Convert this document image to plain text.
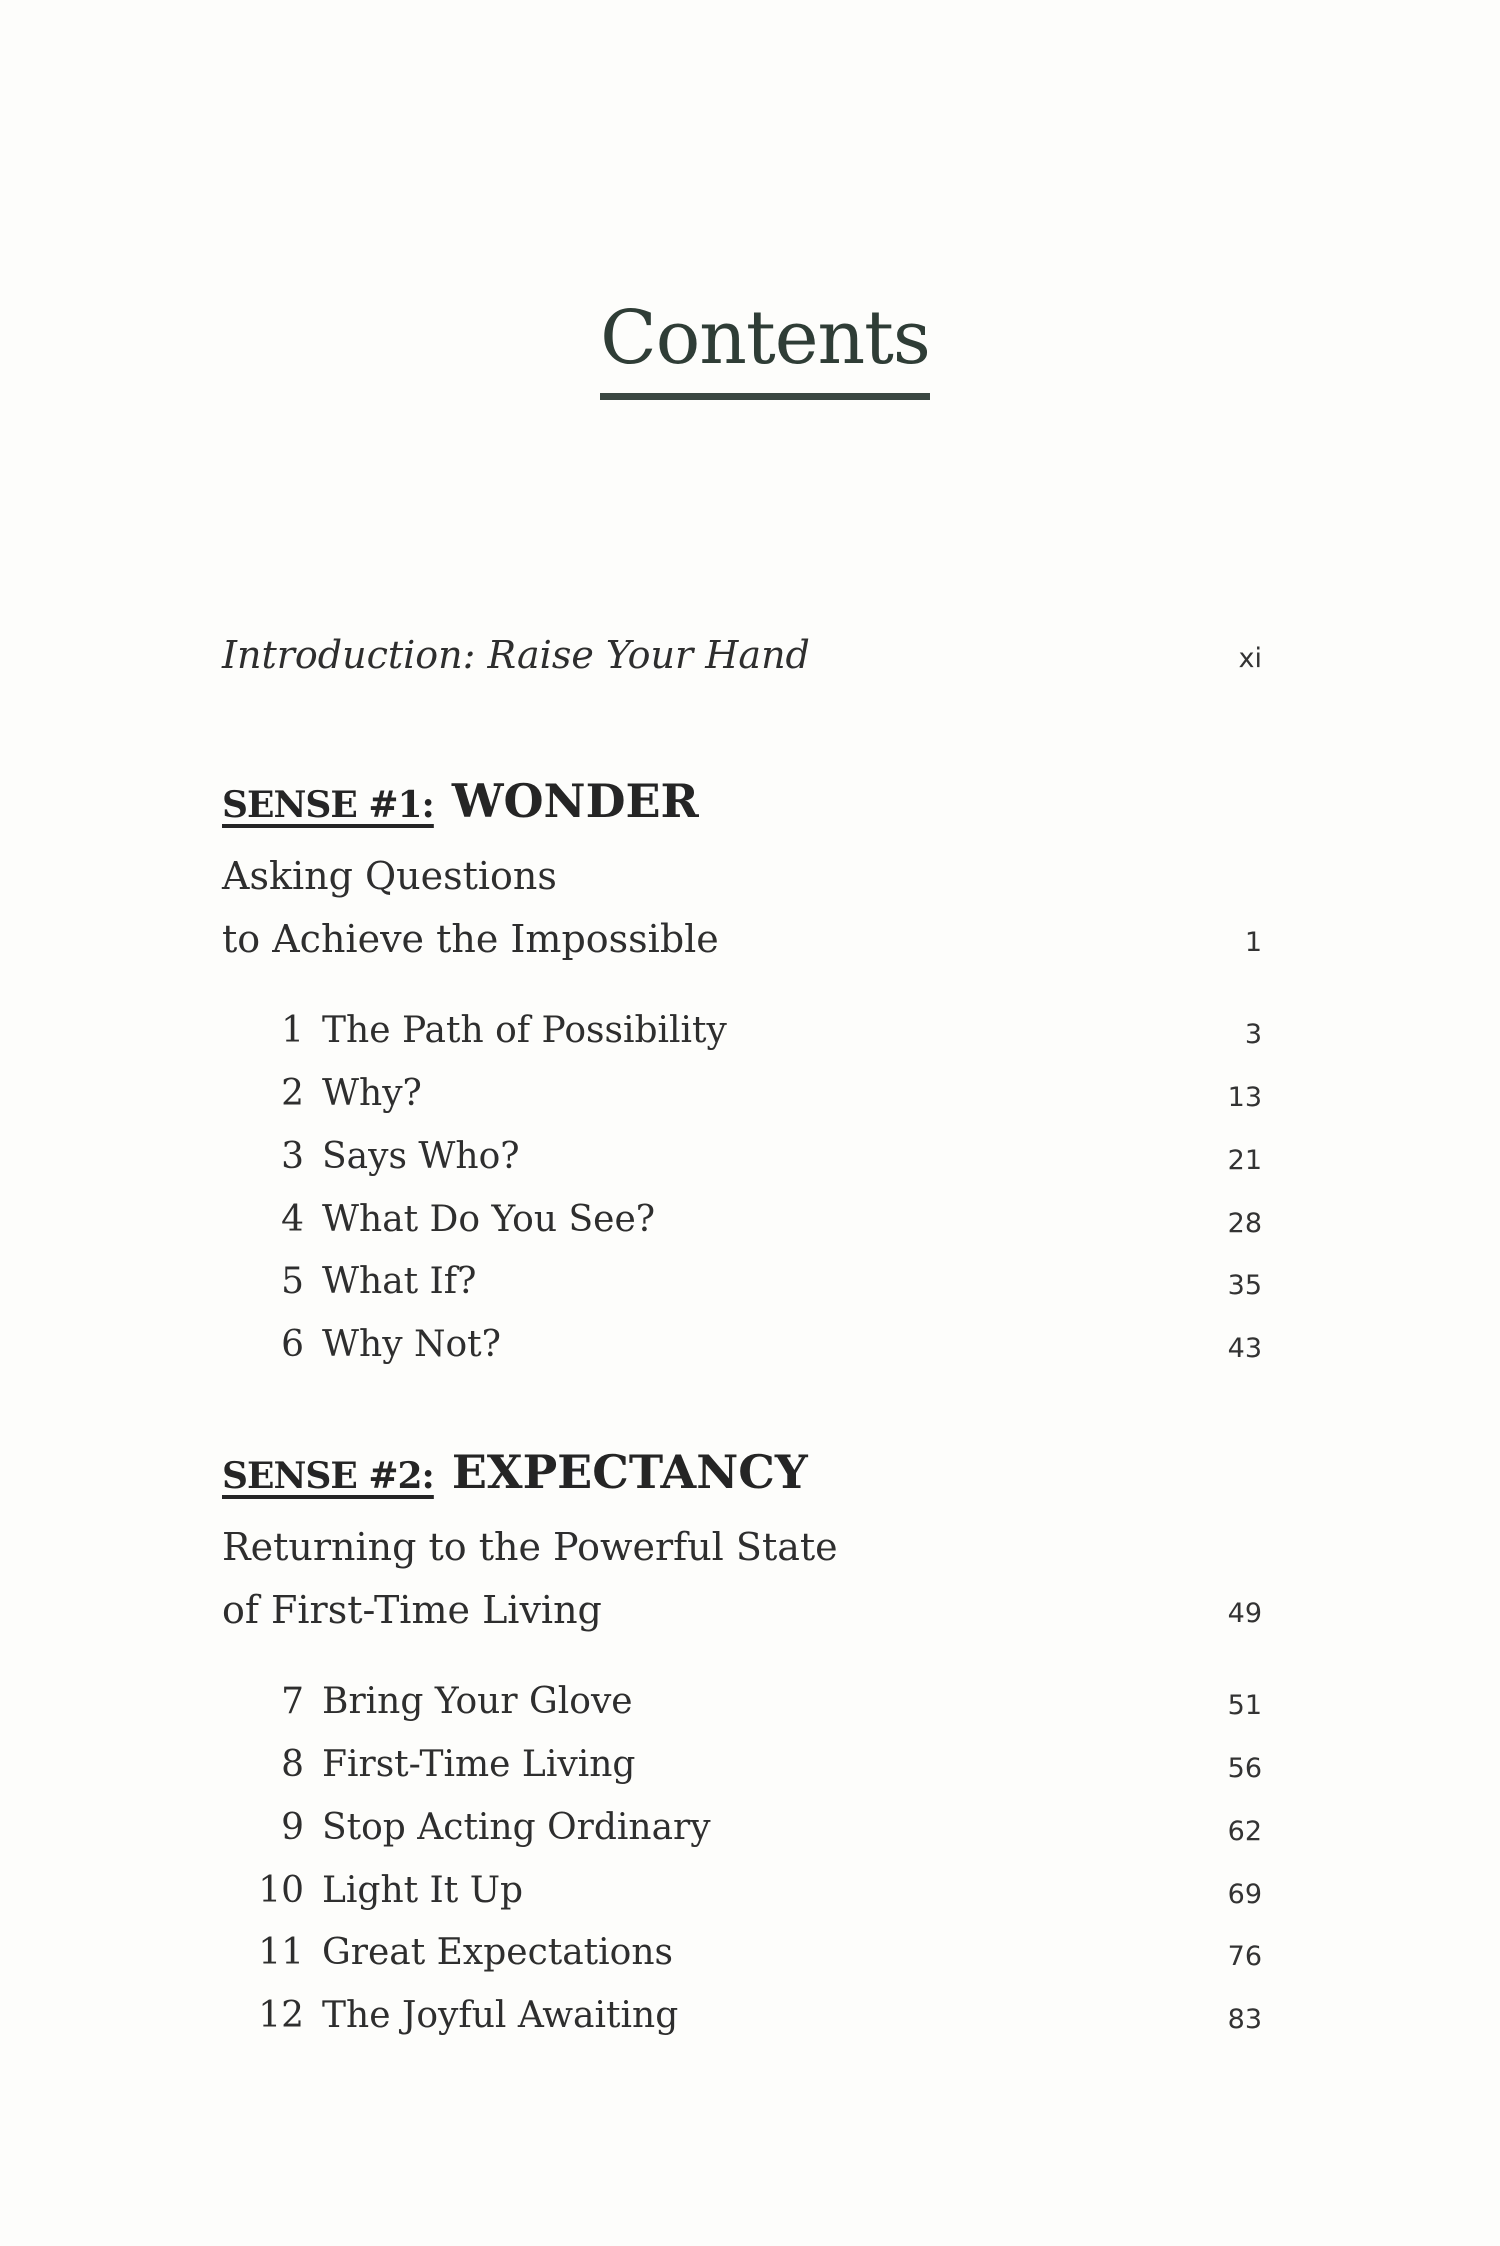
Contents
Introduction: Raise Your Hand	xi
SENSE #1: WONDER
Asking Questions
to Achieve the Impossible	1
1 The Path of Possibility	3
2 Why?	13
3 Says Who?	21
4 What Do You See?	28
5 What If?	35
6 Why Not?	43
SENSE #2: EXPECTANCY
Returning to the Powerful State
of First-Time Living	49
7 Bring Your Glove	51
8 First-Time Living	56
9 Stop Acting Ordinary	62
10 Light It Up	69
11 Great Expectations	76
12 The Joyful Awaiting	83
